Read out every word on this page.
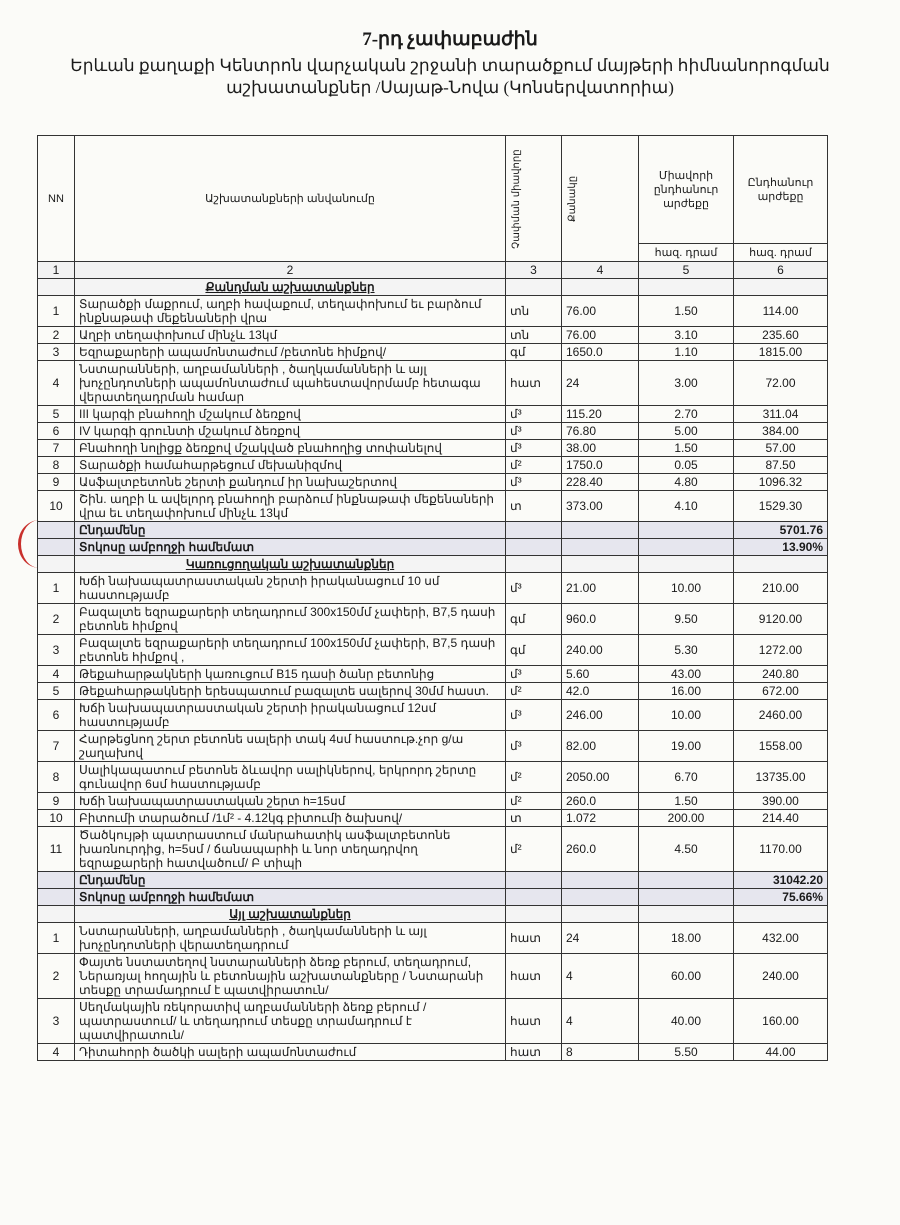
7-րդ չափաբաժին

Երևան քաղաքի Կենտրոն վարչական շրջանի տարածքում մայթերի հիմնանորոգման

աշխատանքներ /Սայաթ-Նովա (Կոնսերվատորիա)

NN	Աշխատանքների անվանումը	Չափման միավորը	Քանակը	Միավորի ընդհանուր արժեքը	Ընդհանուր արժեքը
				հազ. դրամ	հազ. դրամ
1	2	3	4	5	6
	Քանդման աշխատանքներ				
1	Տարածքի մաքրում, աղբի հավաքում, տեղափոխում եւ բարձում ինքնաթափ մեքենաների վրա	տն	76.00	1.50	114.00
2	Աղբի տեղափոխում մինչև 13կմ	տն	76.00	3.10	235.60
3	Եզրաքարերի ապամոնտաժում /բետոնե հիմքով/	գմ	1650.0	1.10	1815.00
4	Նստարանների, աղբամանների , ծաղկամանների և այլ խոչընդոտների ապամոնտաժում պահեստավորմամբ հետագա վերատեղադրման համար	հատ	24	3.00	72.00
5	III կարգի բնահողի մշակում ձեռքով	մ³	115.20	2.70	311.04
6	IV կարգի գրունտի մշակում ձեռքով	մ³	76.80	5.00	384.00
7	Բնահողի նոլիցք ձեռքով մշակված բնահողից տոփանելով	մ³	38.00	1.50	57.00
8	Տարածքի համահարթեցում մեխանիզմով	մ²	1750.0	0.05	87.50
9	Ասֆալտբետոնե շերտի քանդում իր նախաշերտով	մ³	228.40	4.80	1096.32
10	Շին. աղբի և ավելորդ բնահողի բարձում ինքնաթափ մեքենաների վրա եւ տեղափոխում մինչև 13կմ	տ	373.00	4.10	1529.30
	Ընդամենը				5701.76
	Տոկոսը ամբողջի համեմատ				13.90%
	Կառուցողական աշխատանքներ				
1	Խճի նախապատրաստական շերտի իրականացում 10 սմ հաստությամբ	մ³	21.00	10.00	210.00
2	Բազալտե եզրաքարերի տեղադրում 300x150մմ չափերի, B7,5 դասի բետոնե հիմքով	գմ	960.0	9.50	9120.00
3	Բազալտե եզրաքարերի տեղադրում 100x150մմ չափերի, B7,5 դասի բետոնե հիմքով ,	գմ	240.00	5.30	1272.00
4	Թեքահարթակների կառուցում B15 դասի ծանր բետոնից	մ³	5.60	43.00	240.80
5	Թեքահարթակների երեսպատում բազալտե սալերով 30մմ հաստ.	մ²	42.0	16.00	672.00
6	Խճի նախապատրաստական շերտի իրականացում 12սմ հաստությամբ	մ³	246.00	10.00	2460.00
7	Հարթեցնող շերտ բետոնե սալերի տակ 4սմ հաստութ.չոր g/ա շաղախով	մ³	82.00	19.00	1558.00
8	Սալիկապատում բետոնե ձևավոր սալիկներով, երկրորդ շերտը գունավոր 6սմ հաստությամբ	մ²	2050.00	6.70	13735.00
9	Խճի նախապատրաստական շերտ h=15սմ	մ²	260.0	1.50	390.00
10	Բիտումի տարածում /1մ² - 4.12կգ բիտումի ծախսով/	տ	1.072	200.00	214.40
11	Ծածկույթի պատրաստում մանրահատիկ ասֆալտբետոնե խառնուրդից, h=5սմ / ճանապարհի և նոր տեղադրվող եզրաքարերի հատվածում/ Բ տիպի	մ²	260.0	4.50	1170.00
	Ընդամենը				31042.20
	Տոկոսը ամբողջի համեմատ				75.66%
	Այլ աշխատանքներ				
1	Նստարանների, աղբամանների , ծաղկամանների և այլ խոչընդոտների վերատեղադրում	հատ	24	18.00	432.00
2	Փայտե նստատեղով նստարանների ձեռք բերում, տեղադրում, Ներառյալ հողային և բետոնային աշխատանքները / Նստարանի տեսքը տրամադրում է պատվիրատուն/	հատ	4	60.00	240.00
3	Սեղմակային ռեկորատիվ աղբամանների ձեռք բերում /պատրաստում/ և տեղադրում տեսքը տրամադրում է պատվիրատուն/	հատ	4	40.00	160.00
4	Դիտահորի ծածկի սալերի ապամոնտաժում	հատ	8	5.50	44.00
